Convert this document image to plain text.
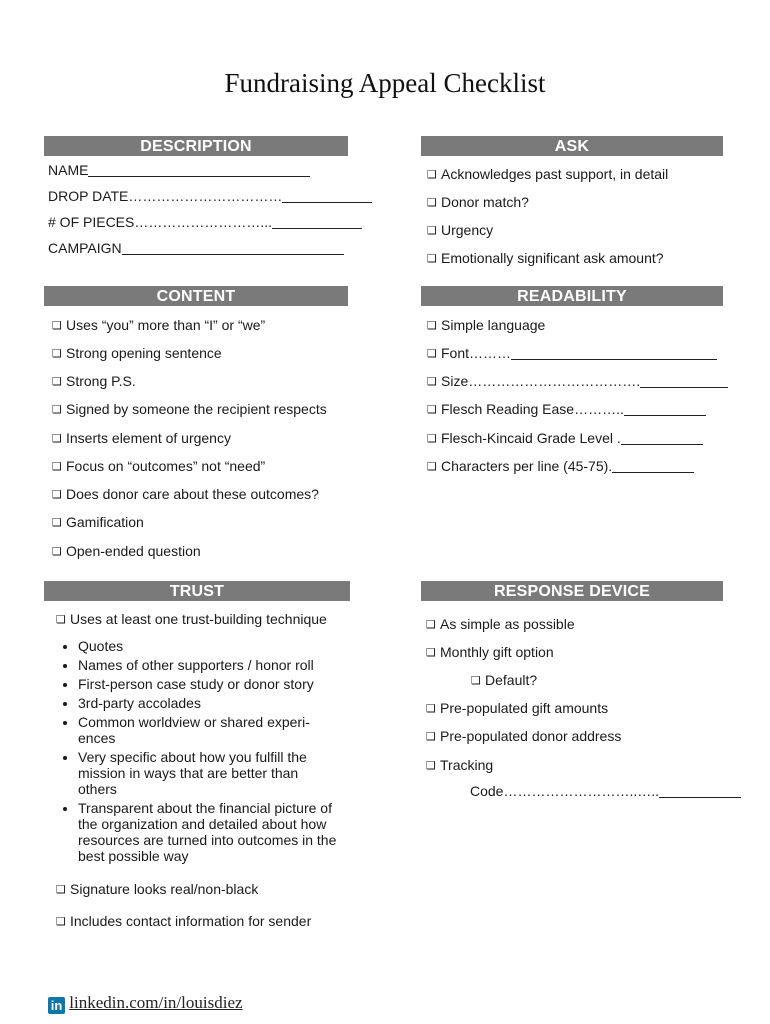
Fundraising Appeal Checklist
DESCRIPTION
NAME
DROP DATE……………………………
# OF PIECES………………………...
CAMPAIGN
ASK
❑ Acknowledges past support, in detail
❑ Donor match?
❑ Urgency
❑ Emotionally significant ask amount?
CONTENT
❑ Uses “you” more than “I” or “we”
❑ Strong opening sentence
❑ Strong P.S.
❑ Signed by someone the recipient respects
❑ Inserts element of urgency
❑ Focus on “outcomes” not “need”
❑ Does donor care about these outcomes?
❑ Gamification
❑ Open-ended question
READABILITY
❑ Simple language
❑ Font………
❑ Size……………………………….
❑ Flesch Reading Ease………..
❑ Flesch-Kincaid Grade Level .
❑ Characters per line (45-75).
TRUST
❑ Uses at least one trust-building technique
• Quotes
• Names of other supporters / honor roll
• First-person case study or donor story
• 3rd-party accolades
• Common worldview or shared experi-ences
• Very specific about how you fulfill the mission in ways that are better than others
• Transparent about the financial picture of the organization and detailed about how resources are turned into outcomes in the best possible way
❑ Signature looks real/non-black
❑ Includes contact information for sender
RESPONSE DEVICE
❑ As simple as possible
❑ Monthly gift option
❑ Default?
❑ Pre-populated gift amounts
❑ Pre-populated donor address
❑ Tracking
Code………………………..…..
in linkedin.com/in/louisdiez
